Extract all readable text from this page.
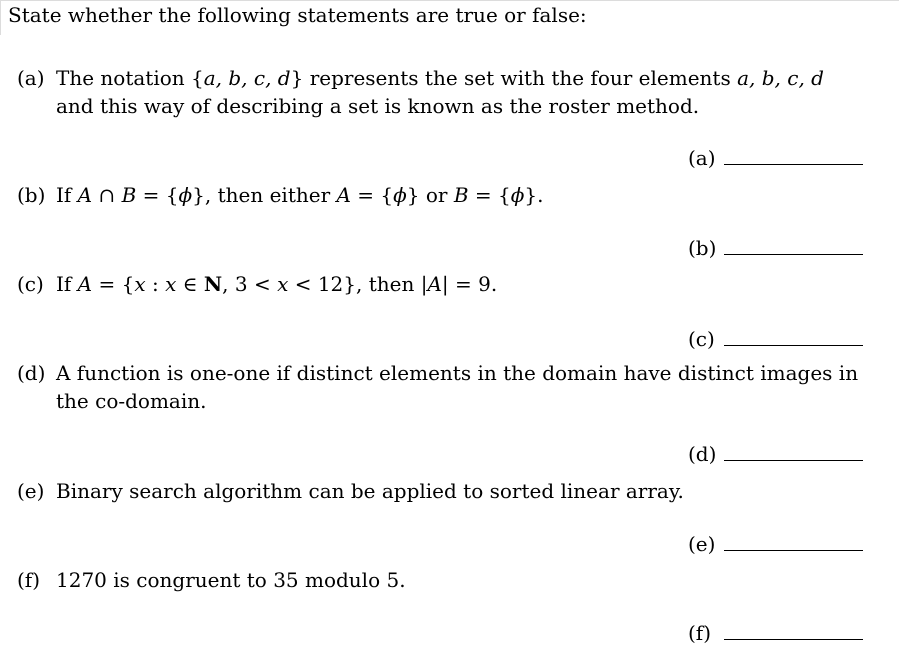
State whether the following statements are true or false:
(a) The notation {a, b, c, d} represents the set with the four elements a, b, c, d and this way of describing a set is known as the roster method.
(a)
(b) If A ∩ B = {ϕ}, then either A = {ϕ} or B = {ϕ}.
(b)
(c) If A = {x : x ∈ N, 3 < x < 12}, then |A| = 9.
(c)
(d) A function is one-one if distinct elements in the domain have distinct images in the co-domain.
(d)
(e) Binary search algorithm can be applied to sorted linear array.
(e)
(f) 1270 is congruent to 35 modulo 5.
(f)
